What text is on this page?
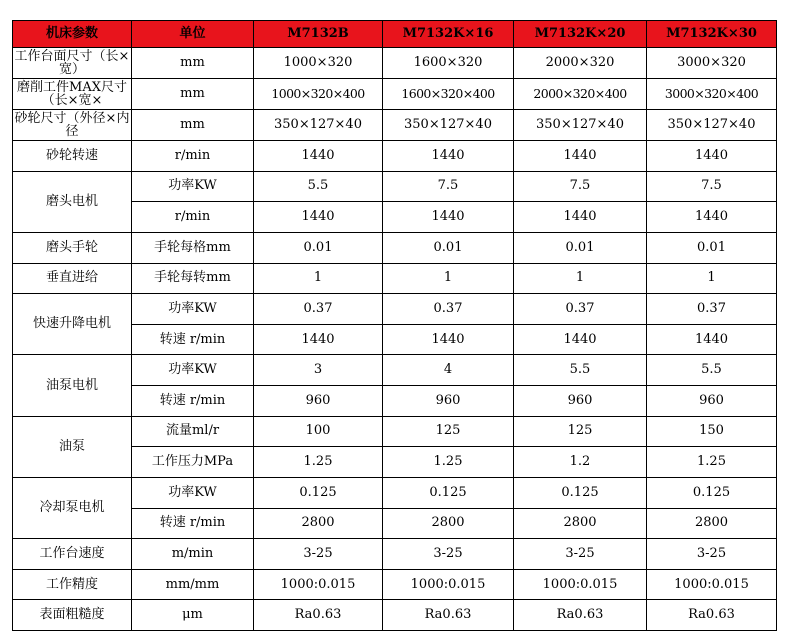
机床参数	单位	M7132B	M7132K×16	M7132K×20	M7132K×30
工作台面尺寸（长×宽）	mm	1000×320	1600×320	2000×320	3000×320
磨削工件MAX尺寸（长×宽×	mm	1000×320×400	1600×320×400	2000×320×400	3000×320×400
砂轮尺寸（外径×内径	mm	350×127×40	350×127×40	350×127×40	350×127×40
砂轮转速	r/min	1440	1440	1440	1440
磨头电机	功率KW	5.5	7.5	7.5	7.5
	r/min	1440	1440	1440	1440
磨头手轮	手轮每格mm	0.01	0.01	0.01	0.01
垂直进给	手轮每转mm	1	1	1	1
快速升降电机	功率KW	0.37	0.37	0.37	0.37
	转速 r/min	1440	1440	1440	1440
油泵电机	功率KW	3	4	5.5	5.5
	转速 r/min	960	960	960	960
油泵	流量ml/r	100	125	125	150
	工作压力MPa	1.25	1.25	1.2	1.25
冷却泵电机	功率KW	0.125	0.125	0.125	0.125
	转速 r/min	2800	2800	2800	2800
工作台速度	m/min	3-25	3-25	3-25	3-25
工作精度	mm/mm	1000:0.015	1000:0.015	1000:0.015	1000:0.015
表面粗糙度	μm	Ra0.63	Ra0.63	Ra0.63	Ra0.63
